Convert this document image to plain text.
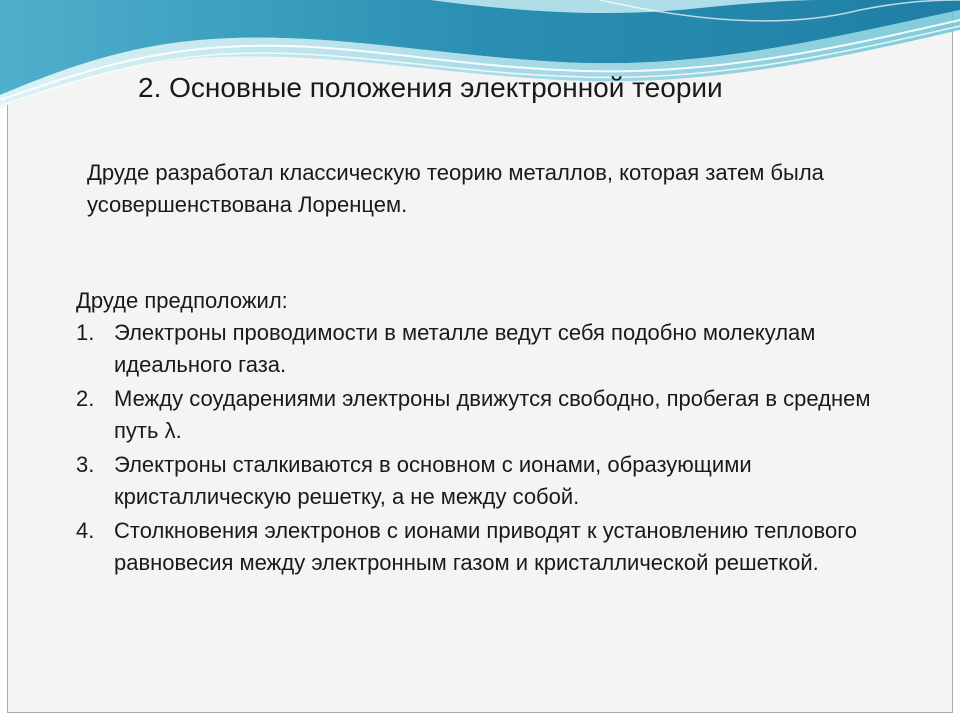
2. Основные положения электронной теории

Друде разработал классическую теорию металлов, которая затем была усовершенствована Лоренцем.

Друде предположил:
1. Электроны проводимости в металле ведут себя подобно молекулам идеального газа.
2. Между соударениями электроны движутся свободно, пробегая в среднем путь λ.
3. Электроны сталкиваются в основном с ионами, образующими кристаллическую решетку, а не между собой.
4. Столкновения электронов с ионами приводят к установлению теплового равновесия между электронным газом и кристаллической решеткой.
